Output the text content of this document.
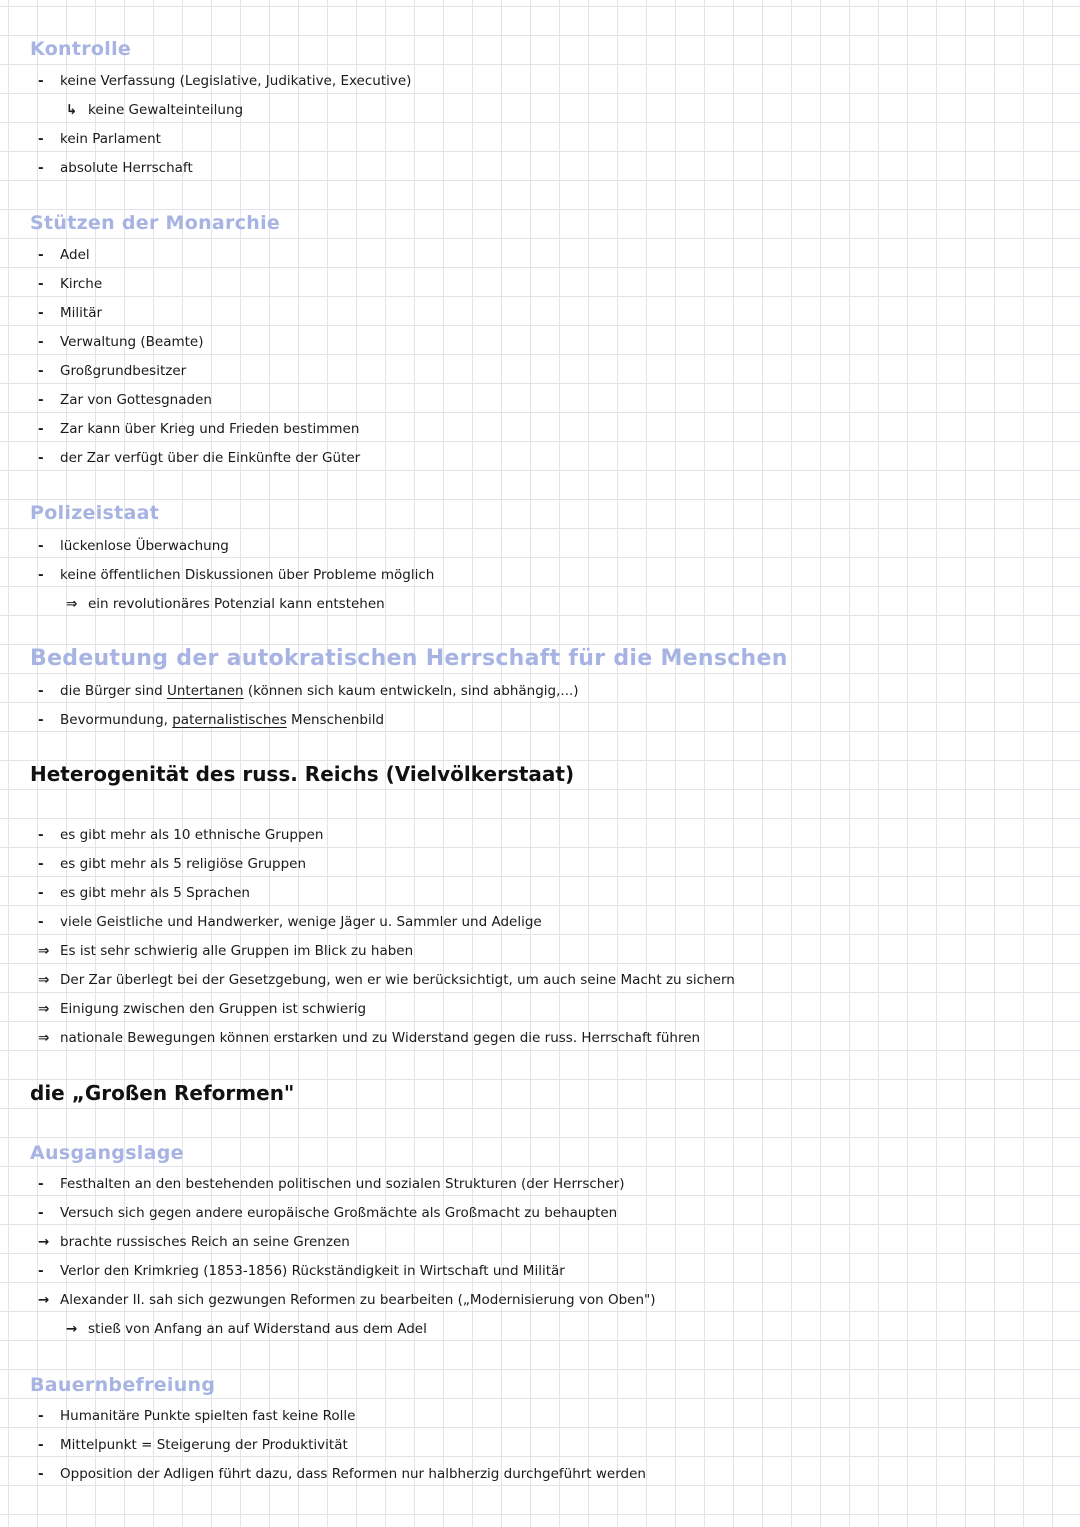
Kontrolle
- keine Verfassung (Legislative, Judikative, Executive)
↳ keine Gewalteinteilung
- kein Parlament
- absolute Herrschaft
Stützen der Monarchie
- Adel
- Kirche
- Militär
- Verwaltung (Beamte)
- Großgrundbesitzer
- Zar von Gottesgnaden
- Zar kann über Krieg und Frieden bestimmen
- der Zar verfügt über die Einkünfte der Güter
Polizeistaat
- lückenlose Überwachung
- keine öffentlichen Diskussionen über Probleme möglich
⇒ ein revolutionäres Potenzial kann entstehen
Bedeutung der autokratischen Herrschaft für die Menschen
- die Bürger sind Untertanen (können sich kaum entwickeln, sind abhängig,...)
- Bevormundung, paternalistisches Menschenbild
Heterogenität des russ. Reichs (Vielvölkerstaat)
- es gibt mehr als 10 ethnische Gruppen
- es gibt mehr als 5 religiöse Gruppen
- es gibt mehr als 5 Sprachen
- viele Geistliche und Handwerker, wenige Jäger u. Sammler und Adelige
⇒ Es ist sehr schwierig alle Gruppen im Blick zu haben
⇒ Der Zar überlegt bei der Gesetzgebung, wen er wie berücksichtigt, um auch seine Macht zu sichern
⇒ Einigung zwischen den Gruppen ist schwierig
⇒ nationale Bewegungen können erstarken und zu Widerstand gegen die russ. Herrschaft führen
die „Großen Reformen"
Ausgangslage
- Festhalten an den bestehenden politischen und sozialen Strukturen (der Herrscher)
- Versuch sich gegen andere europäische Großmächte als Großmacht zu behaupten
→ brachte russisches Reich an seine Grenzen
- Verlor den Krimkrieg (1853-1856) Rückständigkeit in Wirtschaft und Militär
→ Alexander II. sah sich gezwungen Reformen zu bearbeiten („Modernisierung von Oben")
→ stieß von Anfang an auf Widerstand aus dem Adel
Bauernbefreiung
- Humanitäre Punkte spielten fast keine Rolle
- Mittelpunkt = Steigerung der Produktivität
- Opposition der Adligen führt dazu, dass Reformen nur halbherzig durchgeführt werden
